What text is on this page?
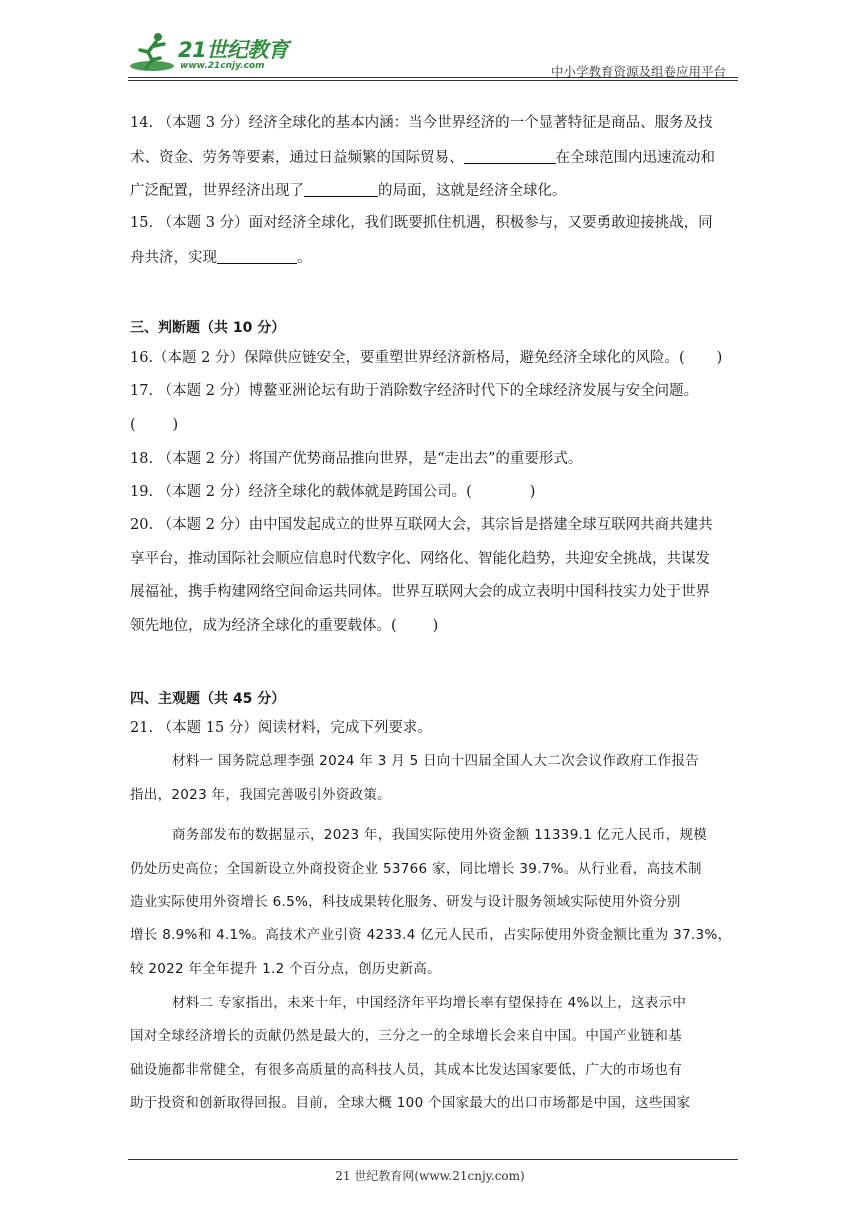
21世纪教育
www.21cnjy.com	中小学教育资源及组卷应用平台
14. （本题 3 分）经济全球化的基本内涵：当今世界经济的一个显著特征是商品、服务及技
术、资金、劳务等要素，通过日益频繁的国际贸易、	在全球范围内迅速流动和
广泛配置，世界经济出现了	的局面，这就是经济全球化。
15. （本题 3 分）面对经济全球化，我们既要抓住机遇，积极参与，又要勇敢迎接挑战，同
舟共济，实现	。
三、判断题（共 10 分）
16.（本题 2 分）保障供应链安全，要重塑世界经济新格局，避免经济全球化的风险。( )
17. （本题 2 分）博鳌亚洲论坛有助于消除数字经济时代下的全球经济发展与安全问题。
(        )
18. （本题 2 分）将国产优势商品推向世界，是“走出去”的重要形式。
19. （本题 2 分）经济全球化的载体就是跨国公司。(	)
20. （本题 2 分）由中国发起成立的世界互联网大会，其宗旨是搭建全球互联网共商共建共
享平台，推动国际社会顺应信息时代数字化、网络化、智能化趋势，共迎安全挑战，共谋发
展福祉，携手构建网络空间命运共同体。世界互联网大会的成立表明中国科技实力处于世界
领先地位，成为经济全球化的重要载体。( )
四、主观题（共 45 分）
21. （本题 15 分）阅读材料，完成下列要求。
材料一 国务院总理李强 2024 年 3 月 5 日向十四届全国人大二次会议作政府工作报告
指出，2023 年，我国完善吸引外资政策。
商务部发布的数据显示，2023 年，我国实际使用外资金额 11339.1 亿元人民币，规模
仍处历史高位；全国新设立外商投资企业 53766 家，同比增长 39.7%。从行业看，高技术制
造业实际使用外资增长 6.5%，科技成果转化服务、研发与设计服务领域实际使用外资分别
增长 8.9%和 4.1%。高技术产业引资 4233.4 亿元人民币，占实际使用外资金额比重为 37.3%，
较 2022 年全年提升 1.2 个百分点，创历史新高。
材料二 专家指出，未来十年，中国经济年平均增长率有望保持在 4%以上，这表示中
国对全球经济增长的贡献仍然是最大的，三分之一的全球增长会来自中国。中国产业链和基
础设施都非常健全，有很多高质量的高科技人员，其成本比发达国家要低，广大的市场也有
助于投资和创新取得回报。目前，全球大概 100 个国家最大的出口市场都是中国，这些国家
21 世纪教育网(www.21cnjy.com)
